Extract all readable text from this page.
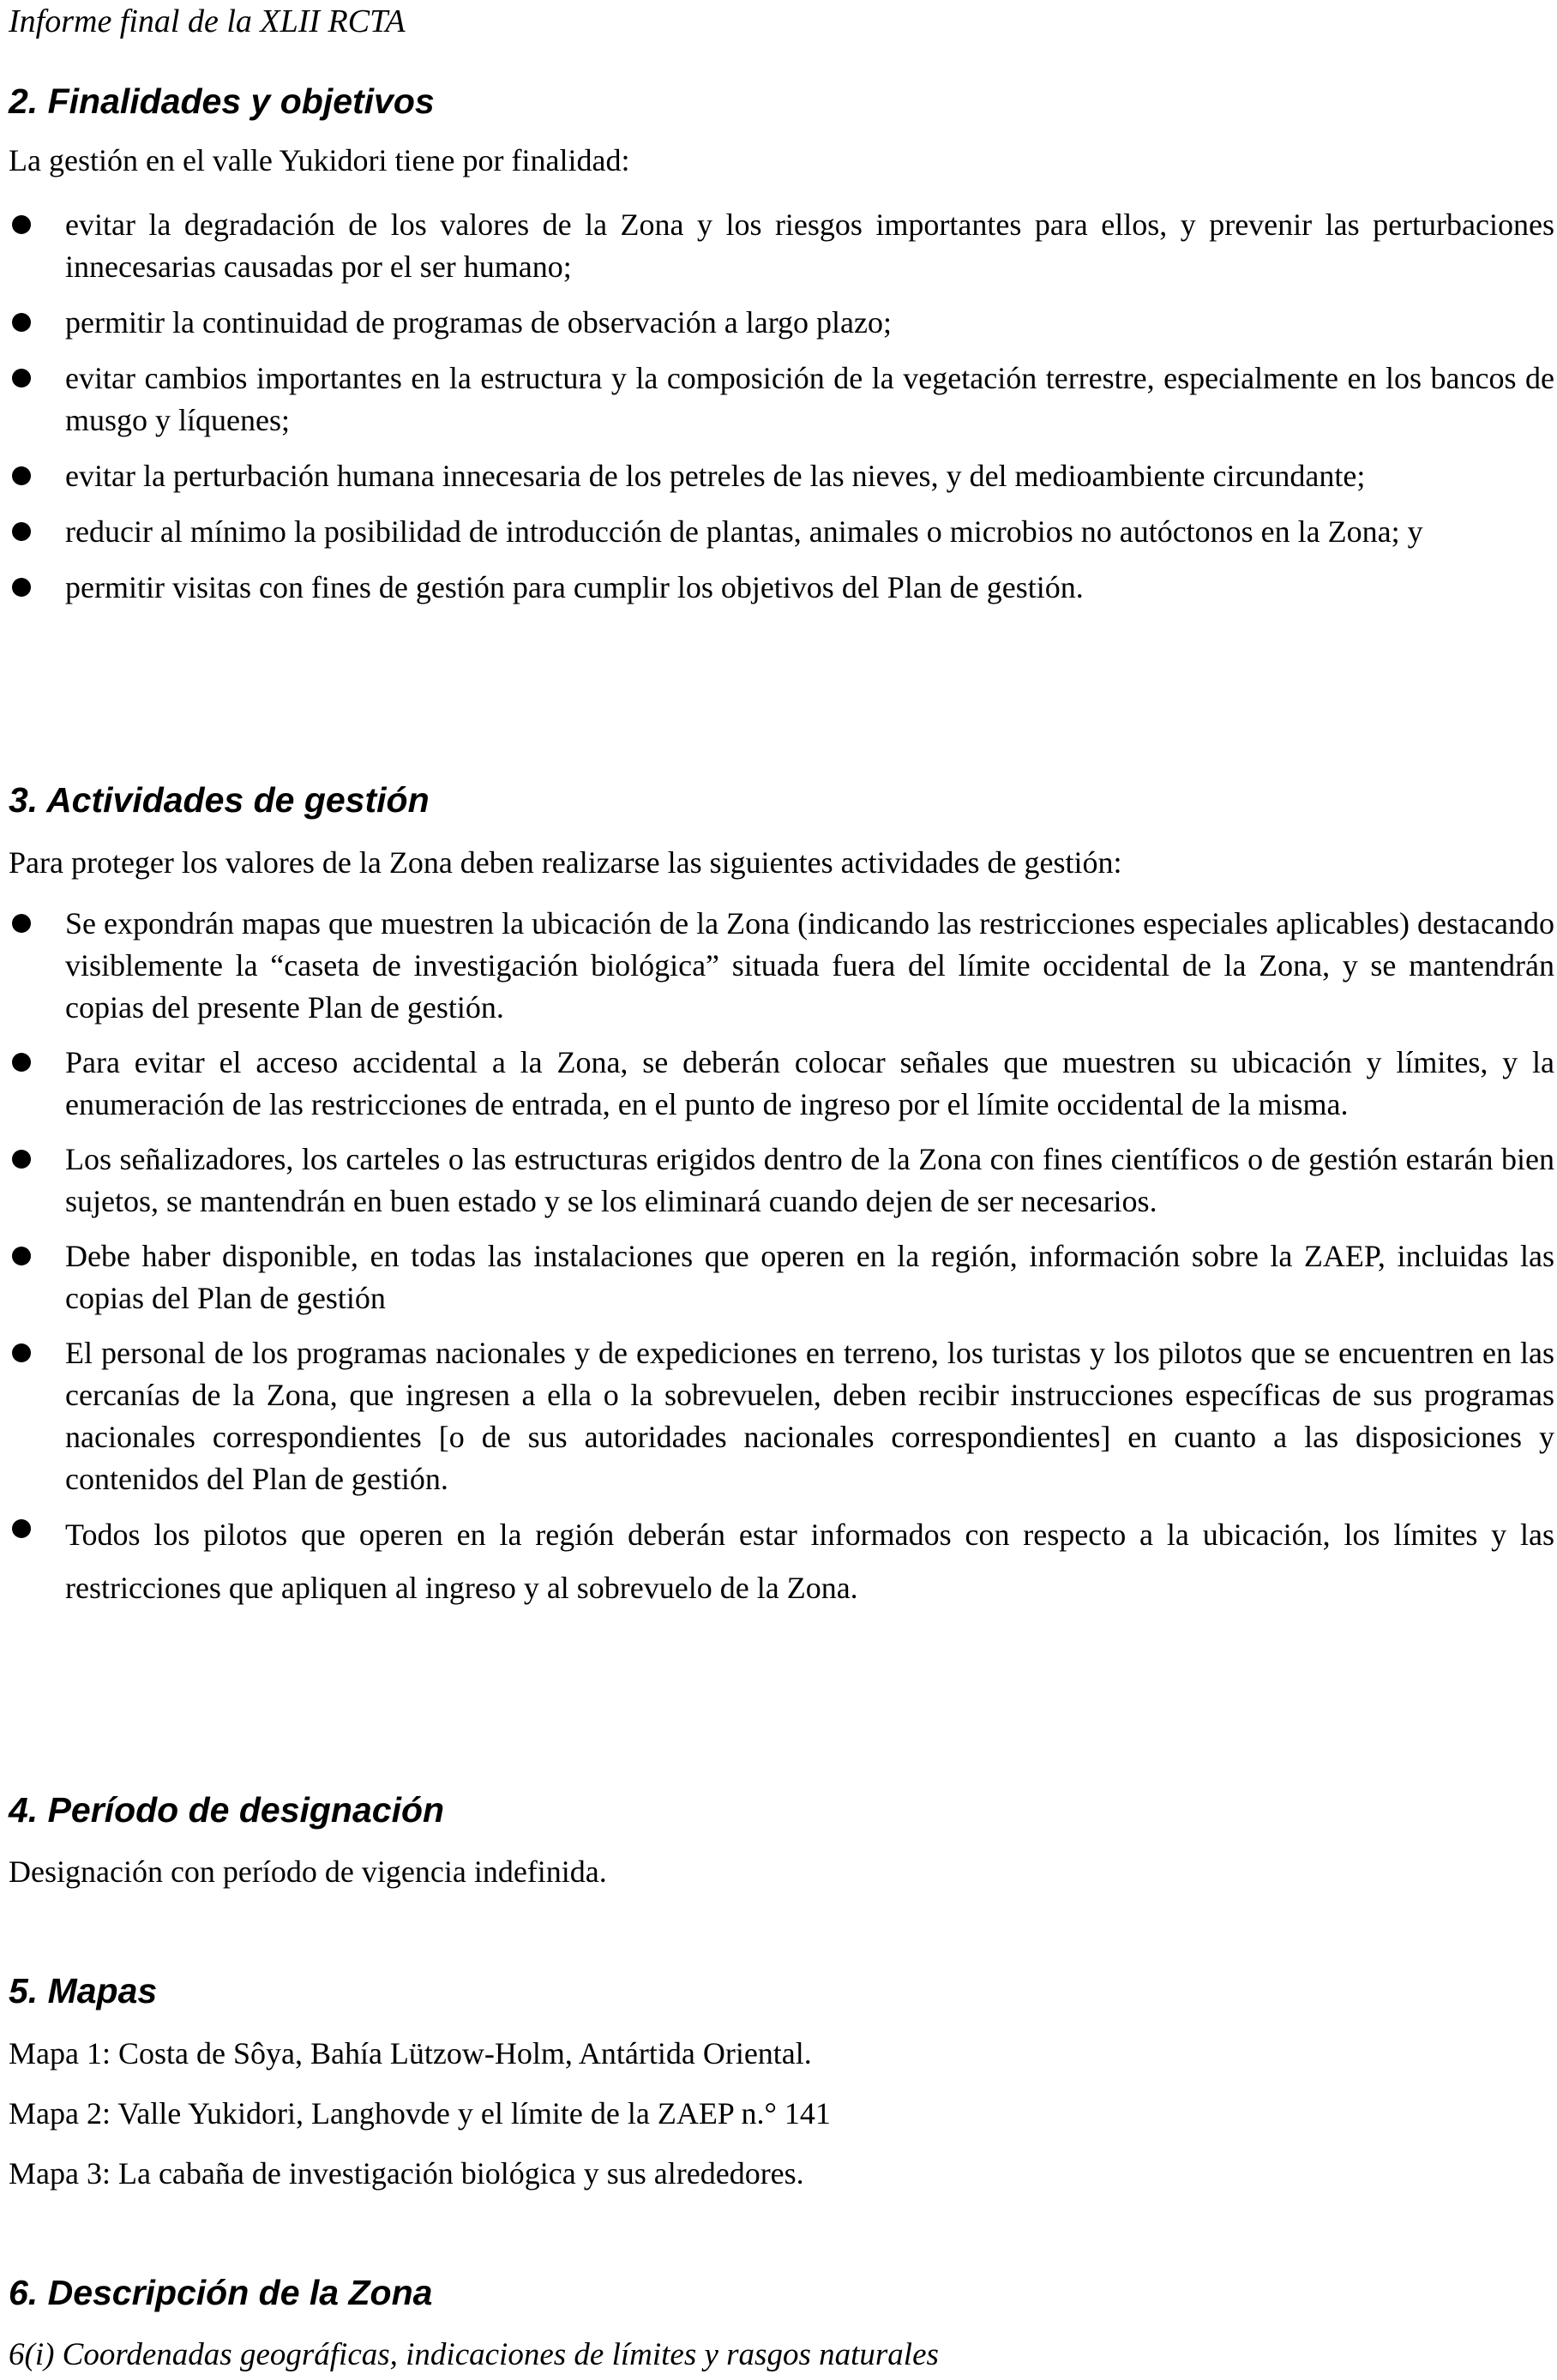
Informe final de la XLII RCTA
2. Finalidades y objetivos
La gestión en el valle Yukidori tiene por finalidad:
evitar la degradación de los valores de la Zona y los riesgos importantes para ellos, y prevenir las perturbaciones innecesarias causadas por el ser humano;
permitir la continuidad de programas de observación a largo plazo;
evitar cambios importantes en la estructura y la composición de la vegetación terrestre, especialmente en los bancos de musgo y líquenes;
evitar la perturbación humana innecesaria de los petreles de las nieves, y del medioambiente circundante;
reducir al mínimo la posibilidad de introducción de plantas, animales o microbios no autóctonos en la Zona; y
permitir visitas con fines de gestión para cumplir los objetivos del Plan de gestión.
3. Actividades de gestión
Para proteger los valores de la Zona deben realizarse las siguientes actividades de gestión:
Se expondrán mapas que muestren la ubicación de la Zona (indicando las restricciones especiales aplicables) destacando visiblemente la “caseta de investigación biológica” situada fuera del límite occidental de la Zona, y se mantendrán copias del presente Plan de gestión.
Para evitar el acceso accidental a la Zona, se deberán colocar señales que muestren su ubicación y límites, y la enumeración de las restricciones de entrada, en el punto de ingreso por el límite occidental de la misma.
Los señalizadores, los carteles o las estructuras erigidos dentro de la Zona con fines científicos o de gestión estarán bien sujetos, se mantendrán en buen estado y se los eliminará cuando dejen de ser necesarios.
Debe haber disponible, en todas las instalaciones que operen en la región, información sobre la ZAEP, incluidas las copias del Plan de gestión
El personal de los programas nacionales y de expediciones en terreno, los turistas y los pilotos que se encuentren en las cercanías de la Zona, que ingresen a ella o la sobrevuelen, deben recibir instrucciones específicas de sus programas nacionales correspondientes [o de sus autoridades nacionales correspondientes] en cuanto a las disposiciones y contenidos del Plan de gestión.
Todos los pilotos que operen en la región deberán estar informados con respecto a la ubicación, los límites y las restricciones que apliquen al ingreso y al sobrevuelo de la Zona.
4. Período de designación
Designación con período de vigencia indefinida.
5. Mapas
Mapa 1: Costa de Sôya, Bahía Lützow-Holm, Antártida Oriental.
Mapa 2: Valle Yukidori, Langhovde y el límite de la ZAEP n.° 141
Mapa 3: La cabaña de investigación biológica y sus alrededores.
6. Descripción de la Zona
6(i) Coordenadas geográficas, indicaciones de límites y rasgos naturales
